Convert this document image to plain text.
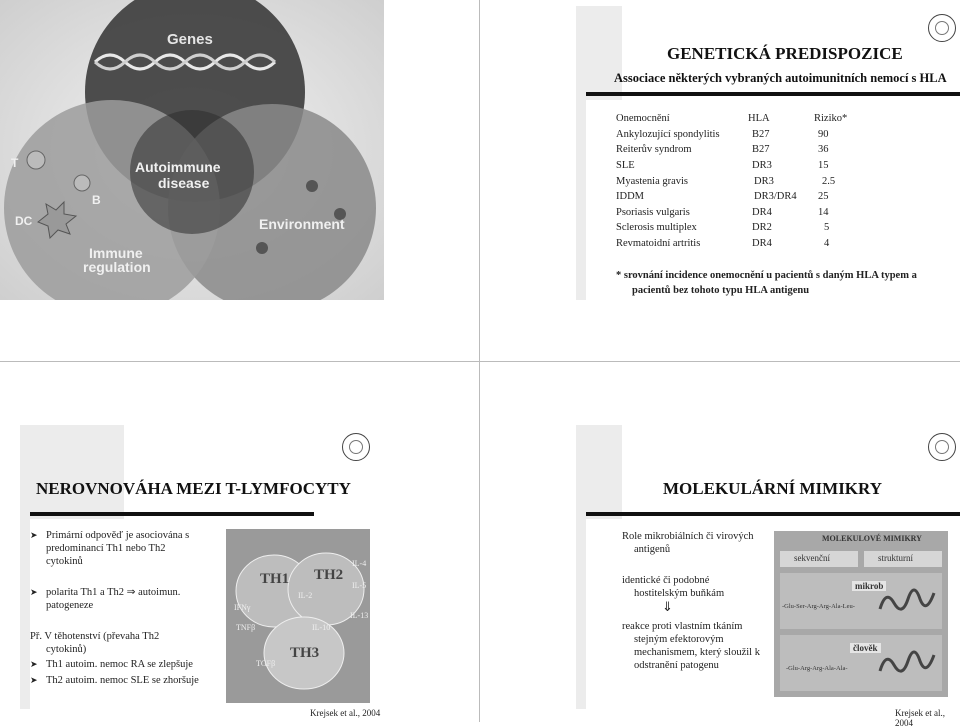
Genes
Autoimmune
disease
Environment
Immune
regulation
T
B
DC
GENETICKÁ PREDISPOZICE
Associace některých vybraných autoimunitních nemocí s HLA
Onemocnění	HLA	Riziko*
Ankylozující spondylitis	B27	90
Reiterův syndrom	B27	36
SLE	DR3	15
Myastenia gravis	DR3	2.5
IDDM	DR3/DR4	25
Psoriasis vulgaris	DR4	14
Sclerosis multiplex	DR2	5
Revmatoidní artritis	DR4	4
* srovnání incidence onemocnění u pacientů s daným HLA typem a
pacientů bez tohoto typu HLA antigenu
NEROVNOVÁHA MEZI T-LYMFOCYTY
➤ Primární odpověď je asociována s
predominancí Th1 nebo Th2
cytokinů
➤ polarita Th1 a Th2 ⇒ autoimun.
patogeneze
Př. V těhotenství (převaha Th2
cytokinů)
➤ Th1 autoim. nemoc RA se zlepšuje
➤ Th2 autoim. nemoc SLE se zhoršuje
TH1 TH2
TH3
IFNγ
TNFβ
IL-2
IL-4
IL-5
IL-10
IL-13
TGFβ
Krejsek et al., 2004
MOLEKULÁRNÍ MIMIKRY
Role mikrobiálních či virových
antigenů
identické či podobné
hostitelským buňkám
⇓
reakce proti vlastním tkáním
stejným efektorovým
mechanismem, který sloužil k
odstranění patogenu
MOLEKULOVÉ MIMIKRY
sekvenční	strukturní
mikrob
člověk
-Glu-Ser-Arg-Arg-Ala-Leu-
-Glu-Arg-Arg-Ala-Ala-
Krejsek et al., 2004
